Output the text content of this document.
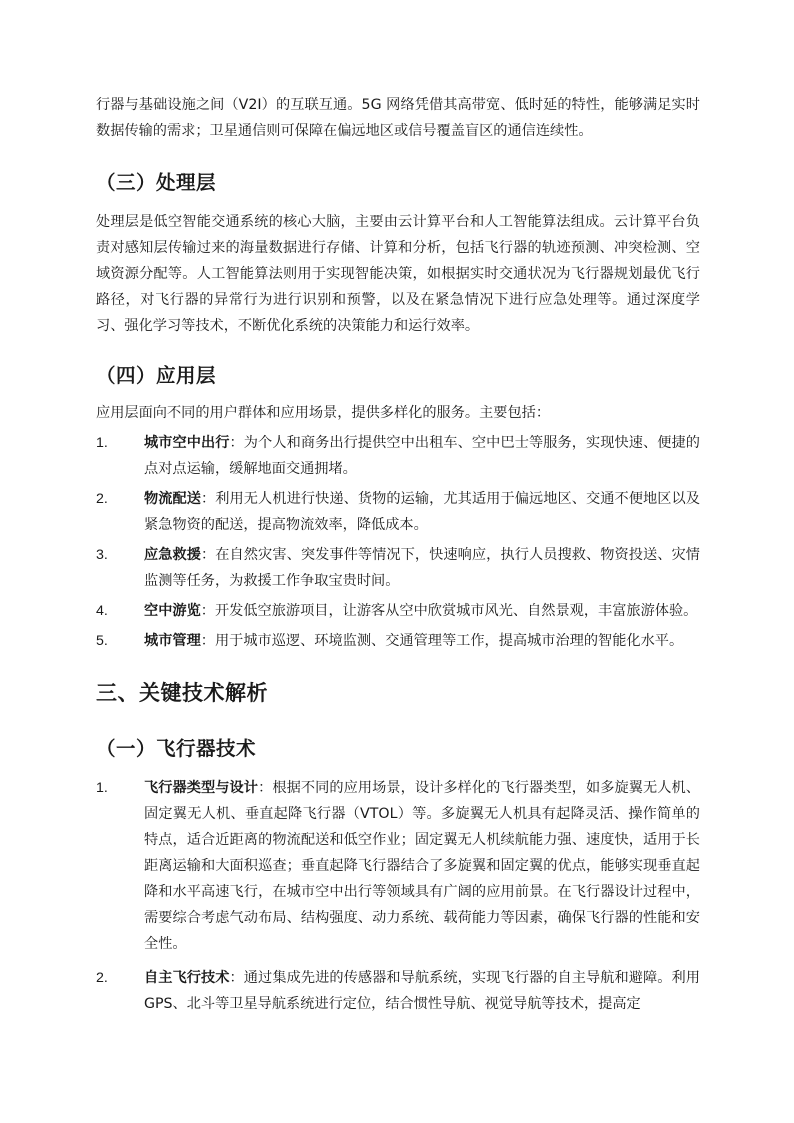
行器与基础设施之间（V2I）的互联互通。5G 网络凭借其高带宽、低时延的特性，能够满足实时数据传输的需求；卫星通信则可保障在偏远地区或信号覆盖盲区的通信连续性。

（三）处理层

处理层是低空智能交通系统的核心大脑，主要由云计算平台和人工智能算法组成。云计算平台负责对感知层传输过来的海量数据进行存储、计算和分析，包括飞行器的轨迹预测、冲突检测、空域资源分配等。人工智能算法则用于实现智能决策，如根据实时交通状况为飞行器规划最优飞行路径，对飞行器的异常行为进行识别和预警，以及在紧急情况下进行应急处理等。通过深度学习、强化学习等技术，不断优化系统的决策能力和运行效率。

（四）应用层

应用层面向不同的用户群体和应用场景，提供多样化的服务。主要包括：

1.	城市空中出行：为个人和商务出行提供空中出租车、空中巴士等服务，实现快速、便捷的点对点运输，缓解地面交通拥堵。
2.	物流配送：利用无人机进行快递、货物的运输，尤其适用于偏远地区、交通不便地区以及紧急物资的配送，提高物流效率，降低成本。
3.	应急救援：在自然灾害、突发事件等情况下，快速响应，执行人员搜救、物资投送、灾情监测等任务，为救援工作争取宝贵时间。
4.	空中游览：开发低空旅游项目，让游客从空中欣赏城市风光、自然景观，丰富旅游体验。
5.	城市管理：用于城市巡逻、环境监测、交通管理等工作，提高城市治理的智能化水平。
三、关键技术解析
（一）飞行器技术
1.	飞行器类型与设计：根据不同的应用场景，设计多样化的飞行器类型，如多旋翼无人机、固定翼无人机、垂直起降飞行器（VTOL）等。多旋翼无人机具有起降灵活、操作简单的特点，适合近距离的物流配送和低空作业；固定翼无人机续航能力强、速度快，适用于长距离运输和大面积巡查；垂直起降飞行器结合了多旋翼和固定翼的优点，能够实现垂直起降和水平高速飞行，在城市空中出行等领域具有广阔的应用前景。在飞行器设计过程中，需要综合考虑气动布局、结构强度、动力系统、载荷能力等因素，确保飞行器的性能和安全性。
2.	自主飞行技术：通过集成先进的传感器和导航系统，实现飞行器的自主导航和避障。利用 GPS、北斗等卫星导航系统进行定位，结合惯性导航、视觉导航等技术，提高定
